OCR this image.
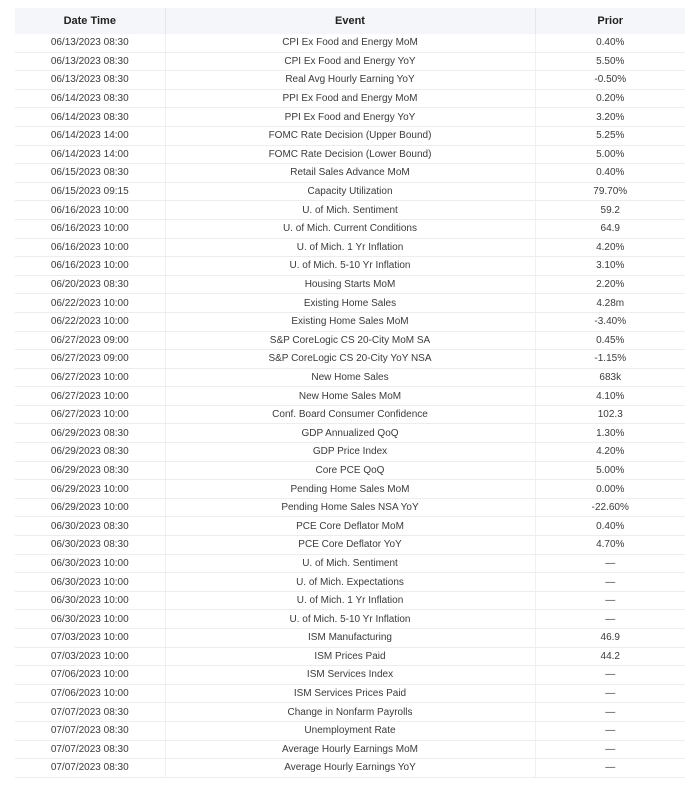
Date Time	Event	Prior
06/13/2023 08:30	CPI Ex Food and Energy MoM	0.40%
06/13/2023 08:30	CPI Ex Food and Energy YoY	5.50%
06/13/2023 08:30	Real Avg Hourly Earning YoY	-0.50%
06/14/2023 08:30	PPI Ex Food and Energy MoM	0.20%
06/14/2023 08:30	PPI Ex Food and Energy YoY	3.20%
06/14/2023 14:00	FOMC Rate Decision (Upper Bound)	5.25%
06/14/2023 14:00	FOMC Rate Decision (Lower Bound)	5.00%
06/15/2023 08:30	Retail Sales Advance MoM	0.40%
06/15/2023 09:15	Capacity Utilization	79.70%
06/16/2023 10:00	U. of Mich. Sentiment	59.2
06/16/2023 10:00	U. of Mich. Current Conditions	64.9
06/16/2023 10:00	U. of Mich. 1 Yr Inflation	4.20%
06/16/2023 10:00	U. of Mich. 5-10 Yr Inflation	3.10%
06/20/2023 08:30	Housing Starts MoM	2.20%
06/22/2023 10:00	Existing Home Sales	4.28m
06/22/2023 10:00	Existing Home Sales MoM	-3.40%
06/27/2023 09:00	S&P CoreLogic CS 20-City MoM SA	0.45%
06/27/2023 09:00	S&P CoreLogic CS 20-City YoY NSA	-1.15%
06/27/2023 10:00	New Home Sales	683k
06/27/2023 10:00	New Home Sales MoM	4.10%
06/27/2023 10:00	Conf. Board Consumer Confidence	102.3
06/29/2023 08:30	GDP Annualized QoQ	1.30%
06/29/2023 08:30	GDP Price Index	4.20%
06/29/2023 08:30	Core PCE QoQ	5.00%
06/29/2023 10:00	Pending Home Sales MoM	0.00%
06/29/2023 10:00	Pending Home Sales NSA YoY	-22.60%
06/30/2023 08:30	PCE Core Deflator MoM	0.40%
06/30/2023 08:30	PCE Core Deflator YoY	4.70%
06/30/2023 10:00	U. of Mich. Sentiment	—
06/30/2023 10:00	U. of Mich. Expectations	—
06/30/2023 10:00	U. of Mich. 1 Yr Inflation	—
06/30/2023 10:00	U. of Mich. 5-10 Yr Inflation	—
07/03/2023 10:00	ISM Manufacturing	46.9
07/03/2023 10:00	ISM Prices Paid	44.2
07/06/2023 10:00	ISM Services Index	—
07/06/2023 10:00	ISM Services Prices Paid	—
07/07/2023 08:30	Change in Nonfarm Payrolls	—
07/07/2023 08:30	Unemployment Rate	—
07/07/2023 08:30	Average Hourly Earnings MoM	—
07/07/2023 08:30	Average Hourly Earnings YoY	—
